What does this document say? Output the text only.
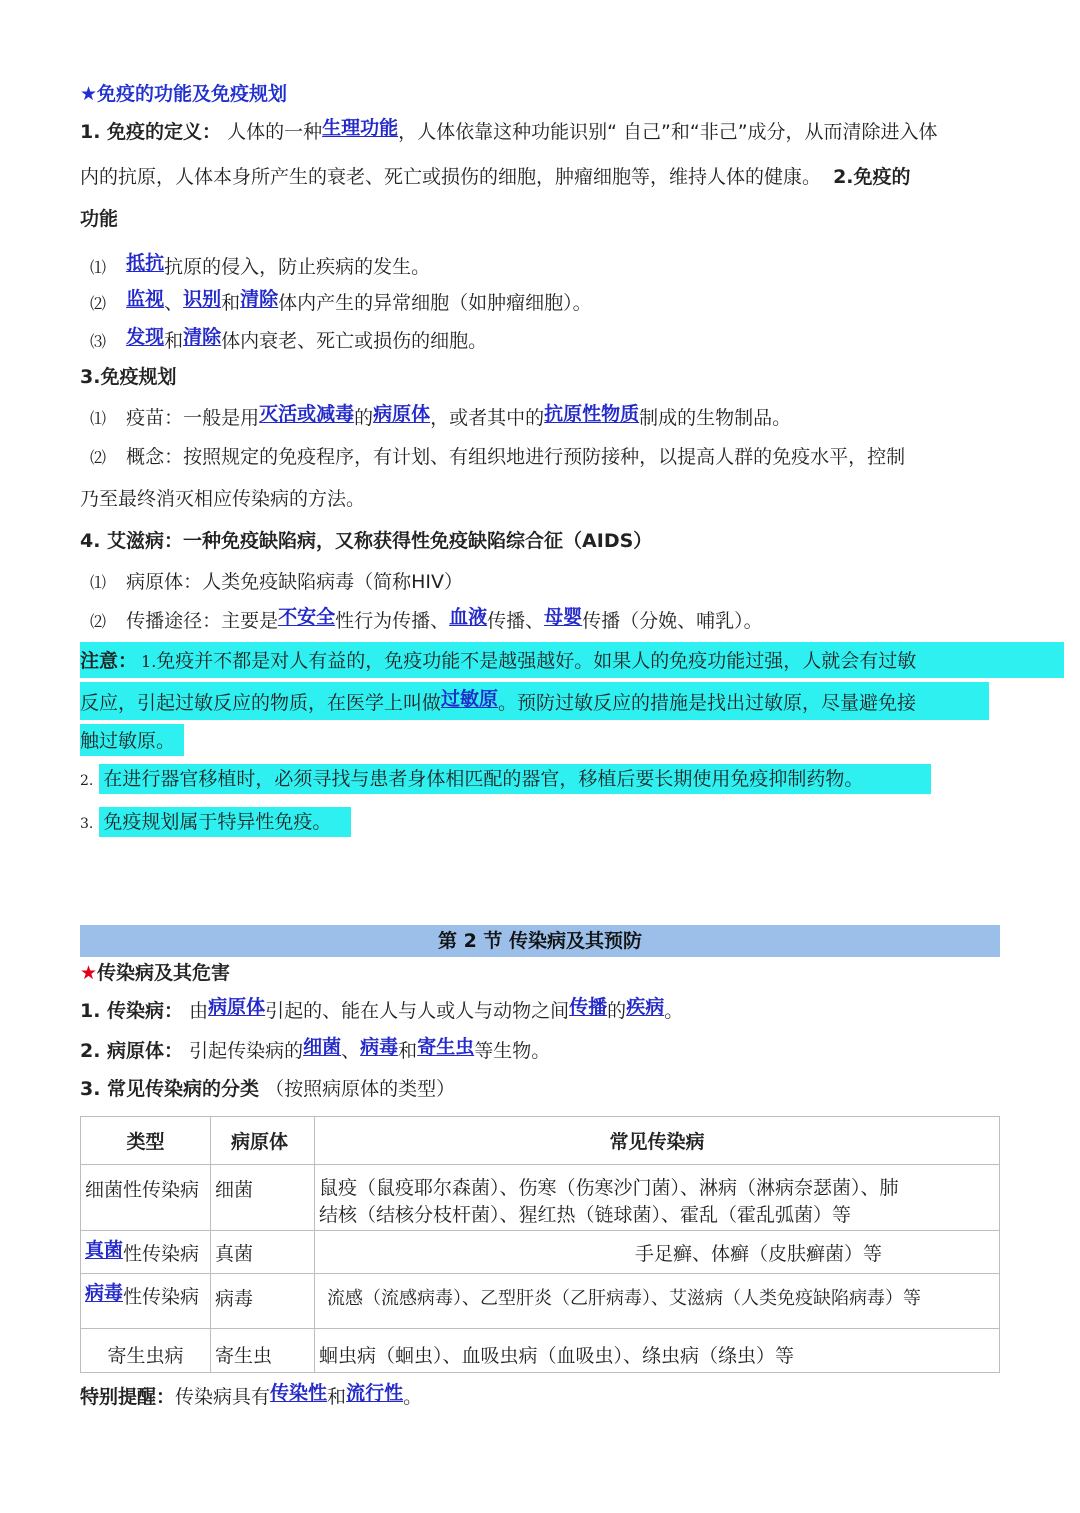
★免疫的功能及免疫规划
1. 免疫的定义： 人体的一种生理功能，人体依靠这种功能识别“ 自己”和“非己”成分，从而清除进入体
内的抗原，人体本身所产生的衰老、死亡或损伤的细胞，肿瘤细胞等，维持人体的健康。 2.免疫的
功能
⑴ 抵抗抗原的侵入，防止疾病的发生。
⑵ 监视、识别和清除体内产生的异常细胞（如肿瘤细胞）。
⑶ 发现和清除体内衰老、死亡或损伤的细胞。
3.免疫规划
⑴ 疫苗：一般是用灭活或减毒的病原体，或者其中的抗原性物质制成的生物制品。
⑵ 概念：按照规定的免疫程序，有计划、有组织地进行预防接种，以提高人群的免疫水平，控制
乃至最终消灭相应传染病的方法。
4. 艾滋病：一种免疫缺陷病，又称获得性免疫缺陷综合征（AIDS）
⑴ 病原体：人类免疫缺陷病毒（简称HIV）
⑵ 传播途径：主要是不安全性行为传播、血液传播、母婴传播（分娩、哺乳）。
注意： 1.免疫并不都是对人有益的，免疫功能不是越强越好。如果人的免疫功能过强，人就会有过敏
反应，引起过敏反应的物质，在医学上叫做过敏原。预防过敏反应的措施是找出过敏原，尽量避免接
触过敏原。
2. 在进行器官移植时，必须寻找与患者身体相匹配的器官，移植后要长期使用免疫抑制药物。
3. 免疫规划属于特异性免疫。
第 2 节 传染病及其预防
★传染病及其危害
1. 传染病： 由病原体引起的、能在人与人或人与动物之间传播的疾病。
2. 病原体： 引起传染病的细菌、病毒和寄生虫等生物。
3. 常见传染病的分类 （按照病原体的类型）
类型	病原体	常见传染病
细菌性传染病	细菌	鼠疫（鼠疫耶尔森菌）、伤寒（伤寒沙门菌）、淋病（淋病奈瑟菌）、肺
结核（结核分枝杆菌）、猩红热（链球菌）、霍乱（霍乱弧菌）等

真菌性传染病	真菌	手足癣、体癣（皮肤癣菌）等
病毒性传染病	病毒	流感（流感病毒）、乙型肝炎（乙肝病毒）、艾滋病（人类免疫缺陷病毒）等
寄生虫病	寄生虫	蛔虫病（蛔虫）、血吸虫病（血吸虫）、绦虫病（绦虫）等
特别提醒：传染病具有传染性和流行性。
